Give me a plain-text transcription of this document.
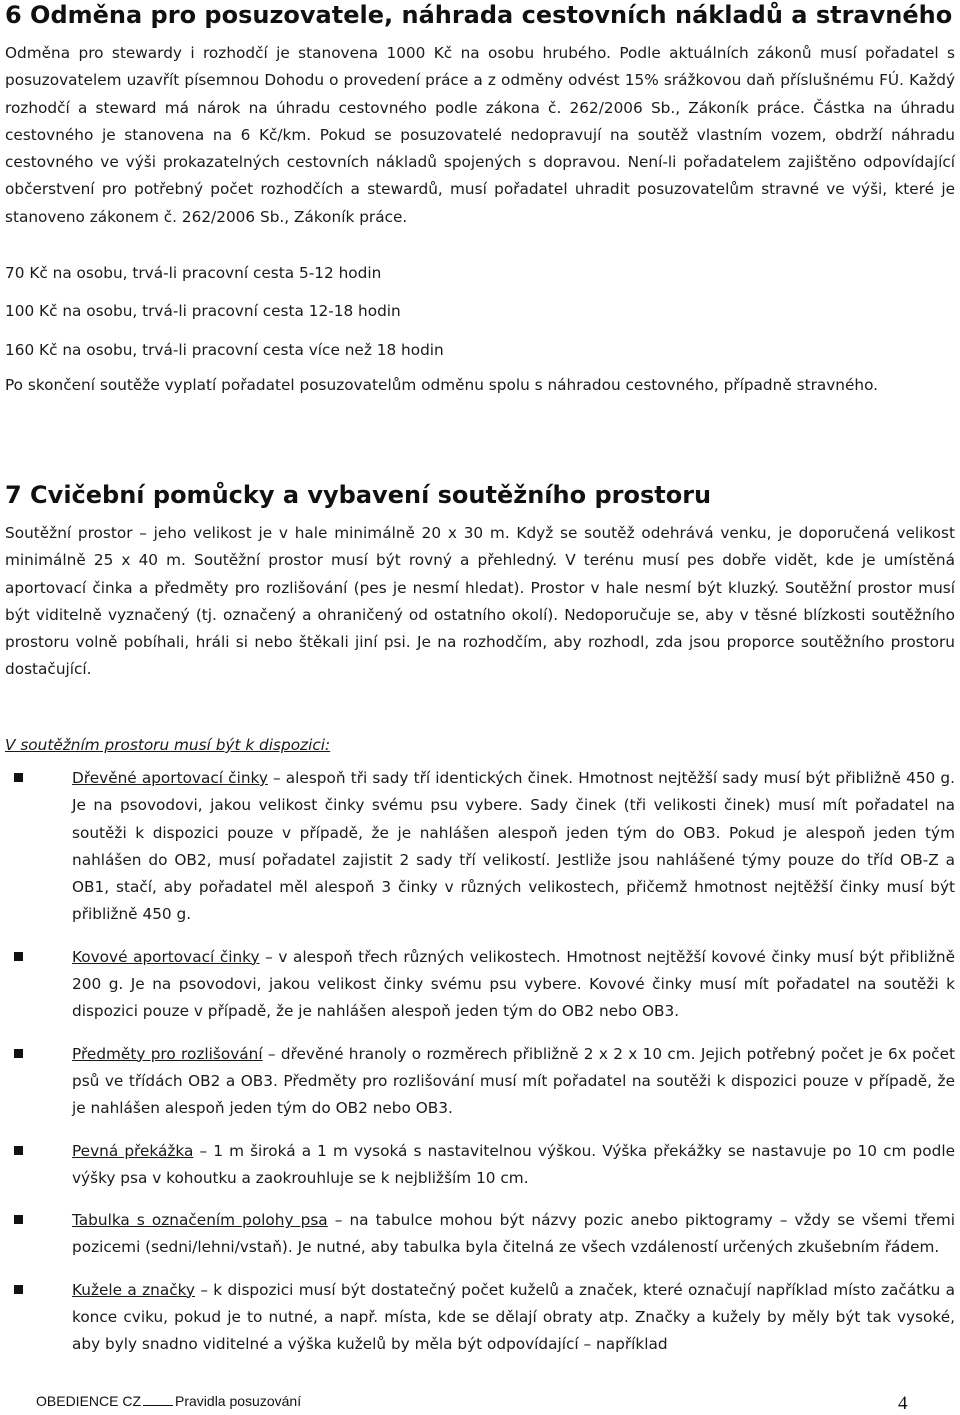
6 Odměna pro posuzovatele, náhrada cestovních nákladů a stravného

Odměna pro stewardy i rozhodčí je stanovena 1000 Kč na osobu hrubého. Podle aktuálních zákonů musí pořadatel s posuzovatelem uzavřít písemnou Dohodu o provedení práce a z odměny odvést 15% srážkovou daň příslušnému FÚ. Každý rozhodčí a steward má nárok na úhradu cestovného podle zákona č. 262/2006 Sb., Zákoník práce. Částka na úhradu cestovného je stanovena na 6 Kč/km. Pokud se posuzovatelé nedopravují na soutěž vlastním vozem, obdrží náhradu cestovného ve výši prokazatelných cestovních nákladů spojených s dopravou. Není-li pořadatelem zajištěno odpovídající občerstvení pro potřebný počet rozhodčích a stewardů, musí pořadatel uhradit posuzovatelům stravné ve výši, které je stanoveno zákonem č. 262/2006 Sb., Zákoník práce.

70 Kč na osobu, trvá-li pracovní cesta 5-12 hodin

100 Kč na osobu, trvá-li pracovní cesta 12-18 hodin

160 Kč na osobu, trvá-li pracovní cesta více než 18 hodin

Po skončení soutěže vyplatí pořadatel posuzovatelům odměnu spolu s náhradou cestovného, případně stravného.

7 Cvičební pomůcky a vybavení soutěžního prostoru

Soutěžní prostor – jeho velikost je v hale minimálně 20 x 30 m. Když se soutěž odehrává venku, je doporučená velikost minimálně 25 x 40 m. Soutěžní prostor musí být rovný a přehledný. V terénu musí pes dobře vidět, kde je umístěná aportovací činka a předměty pro rozlišování (pes je nesmí hledat). Prostor v hale nesmí být kluzký. Soutěžní prostor musí být viditelně vyznačený (tj. označený a ohraničený od ostatního okolí). Nedoporučuje se, aby v těsné blízkosti soutěžního prostoru volně pobíhali, hráli si nebo štěkali jiní psi. Je na rozhodčím, aby rozhodl, zda jsou proporce soutěžního prostoru dostačující.

V soutěžním prostoru musí být k dispozici:

Dřevěné aportovací činky – alespoň tři sady tří identických činek. Hmotnost nejtěžší sady musí být přibližně 450 g. Je na psovodovi, jakou velikost činky svému psu vybere. Sady činek (tři velikosti činek) musí mít pořadatel na soutěži k dispozici pouze v případě, že je nahlášen alespoň jeden tým do OB3. Pokud je alespoň jeden tým nahlášen do OB2, musí pořadatel zajistit 2 sady tří velikostí. Jestliže jsou nahlášené týmy pouze do tříd OB-Z a OB1, stačí, aby pořadatel měl alespoň 3 činky v různých velikostech, přičemž hmotnost nejtěžší činky musí být přibližně 450 g.

Kovové aportovací činky – v alespoň třech různých velikostech. Hmotnost nejtěžší kovové činky musí být přibližně 200 g. Je na psovodovi, jakou velikost činky svému psu vybere. Kovové činky musí mít pořadatel na soutěži k dispozici pouze v případě, že je nahlášen alespoň jeden tým do OB2 nebo OB3.

Předměty pro rozlišování – dřevěné hranoly o rozměrech přibližně 2 x 2 x 10 cm. Jejich potřebný počet je 6x počet psů ve třídách OB2 a OB3. Předměty pro rozlišování musí mít pořadatel na soutěži k dispozici pouze v případě, že je nahlášen alespoň jeden tým do OB2 nebo OB3.

Pevná překážka – 1 m široká a 1 m vysoká s nastavitelnou výškou. Výška překážky se nastavuje po 10 cm podle výšky psa v kohoutku a zaokrouhluje se k nejbližším 10 cm.

Tabulka s označením polohy psa – na tabulce mohou být názvy pozic anebo piktogramy – vždy se všemi třemi pozicemi (sedni/lehni/vstaň). Je nutné, aby tabulka byla čitelná ze všech vzdáleností určených zkušebním řádem.

Kužele a značky – k dispozici musí být dostatečný počet kuželů a značek, které označují například místo začátku a konce cviku, pokud je to nutné, a např. místa, kde se dělají obraty atp. Značky a kužely by měly být tak vysoké, aby byly snadno viditelné a výška kuželů by měla být odpovídající – například

OBEDIENCE CZ Pravidla posuzování	4
